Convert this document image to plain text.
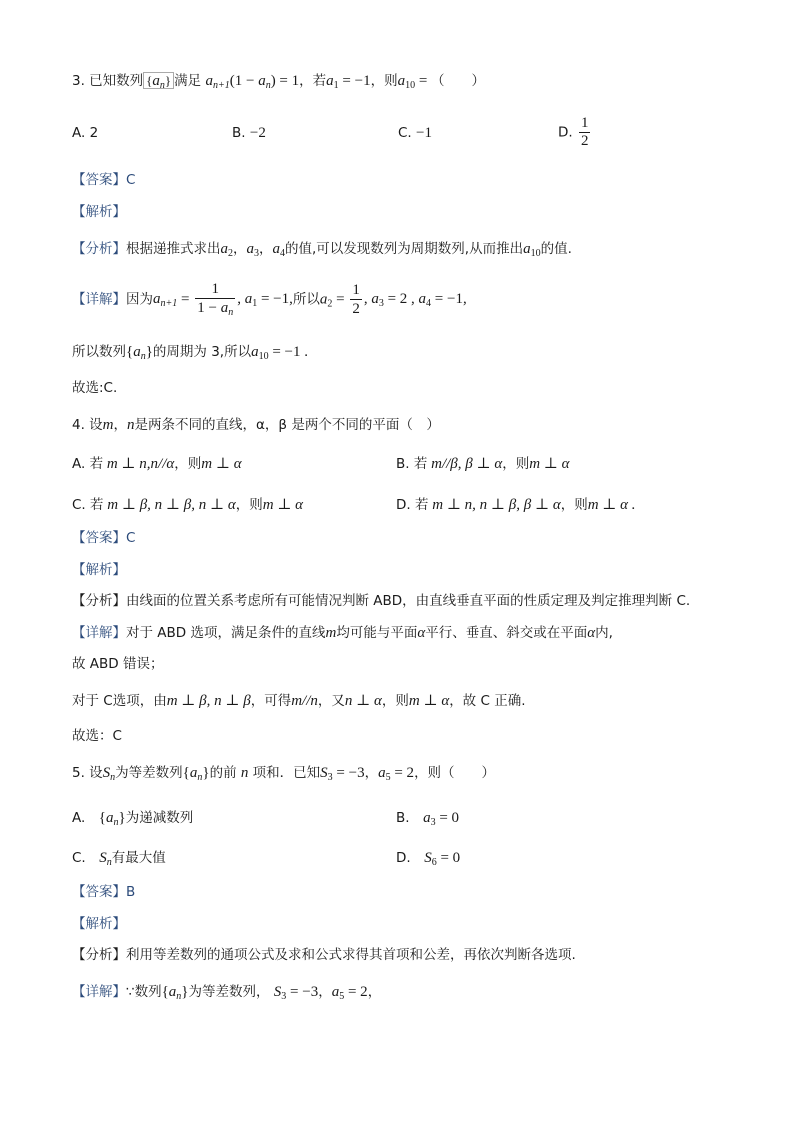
3. 已知数列 $\{a_n\}$ 满足 $a_{n+1}(1 - a_n) = 1$，若$a_1 = -1$，则$a_{10}$ = （　　）
A. 2	B. −2	C. −1	D. $\frac{1}{2}$
【答案】C
【解析】
【分析】根据递推式求出$a_2$，$a_3$，$a_4$的值,可以发现数列为周期数列,从而推出$a_{10}$的值.
【详解】因为$a_{n+1} = \frac{1}{1 - a_n}$ , $a_1 = -1$,所以$a_2 = \frac{1}{2}$ , $a_3 = 2$ , $a_4 = -1$,
所以数列$\{a_n\}$的周期为 3,所以$a_{10} = -1$ .
故选:C.
4. 设m，n是两条不同的直线，α，β 是两个不同的平面（　）
A. 若 m ⊥ n,n//α，则m ⊥ α	B. 若 m//β, β ⊥ α，则m ⊥ α
C. 若 m ⊥ β, n ⊥ β, n ⊥ α，则m ⊥ α	D. 若 m ⊥ n, n ⊥ β, β ⊥ α，则m ⊥ α .
【答案】C
【解析】
【分析】由线面的位置关系考虑所有可能情况判断 ABD，由直线垂直平面的性质定理及判定推理判断 C.
【详解】对于 ABD 选项，满足条件的直线m均可能与平面α平行、垂直、斜交或在平面α内,
故 ABD 错误；
对于 C选项，由m ⊥ β, n ⊥ β，可得m//n，又n ⊥ α，则m ⊥ α，故 C 正确.
故选：C
5. 设$S_n$为等差数列$\{a_n\}$的前 n 项和．已知$S_3 = -3$，$a_5 = 2$，则（　　）
A.　 $\{a_n\}$为递减数列	B.　 $a_3 = 0$
C.　 $S_n$有最大值	D.　 $S_6 = 0$
【答案】B
【解析】
【分析】利用等差数列的通项公式及求和公式求得其首项和公差，再依次判断各选项.
【详解】∵数列$\{a_n\}$为等差数列， $S_3 = -3$，$a_5 = 2$，
